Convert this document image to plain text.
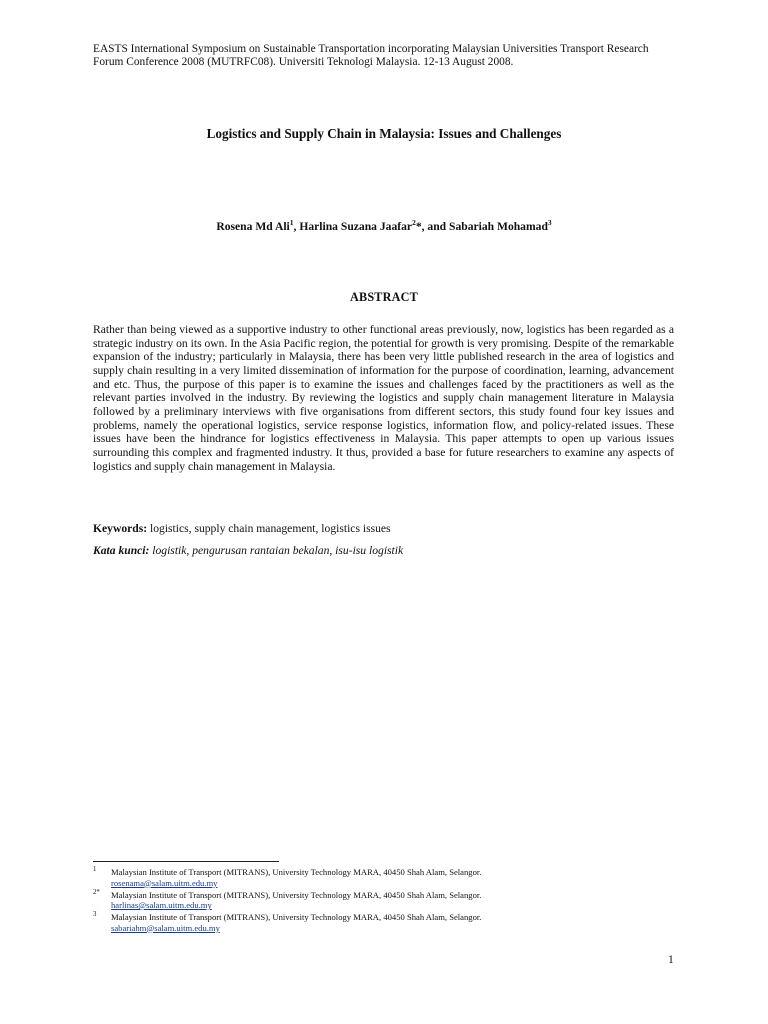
EASTS International Symposium on Sustainable Transportation incorporating Malaysian Universities Transport Research
Forum Conference 2008 (MUTRFC08). Universiti Teknologi Malaysia. 12-13 August 2008.
Logistics and Supply Chain in Malaysia: Issues and Challenges
Rosena Md Ali$^1$, Harlina Suzana Jaafar$^2$*, and Sabariah Mohamad$^3$
ABSTRACT
Rather than being viewed as a supportive industry to other functional areas previously, now, logistics has been regarded as a strategic industry on its own. In the Asia Pacific region, the potential for growth is very promising. Despite of the remarkable expansion of the industry; particularly in Malaysia, there has been very little published research in the area of logistics and supply chain resulting in a very limited dissemination of information for the purpose of coordination, learning, advancement and etc. Thus, the purpose of this paper is to examine the issues and challenges faced by the practitioners as well as the relevant parties involved in the industry. By reviewing the logistics and supply chain management literature in Malaysia followed by a preliminary interviews with five organisations from different sectors, this study found four key issues and problems, namely the operational logistics, service response logistics, information flow, and policy-related issues. These issues have been the hindrance for logistics effectiveness in Malaysia. This paper attempts to open up various issues surrounding this complex and fragmented industry. It thus, provided a base for future researchers to examine any aspects of logistics and supply chain management in Malaysia.
Keywords: logistics, supply chain management, logistics issues
Kata kunci: logistik, pengurusan rantaian bekalan, isu-isu logistik
1 Malaysian Institute of Transport (MITRANS), University Technology MARA, 40450 Shah Alam, Selangor.
rosenama@salam.uitm.edu.my
2* Malaysian Institute of Transport (MITRANS), University Technology MARA, 40450 Shah Alam, Selangor.
harlinas@salam.uitm.edu.my
3 Malaysian Institute of Transport (MITRANS), University Technology MARA, 40450 Shah Alam, Selangor.
sabariahm@salam.uitm.edu.my
1
